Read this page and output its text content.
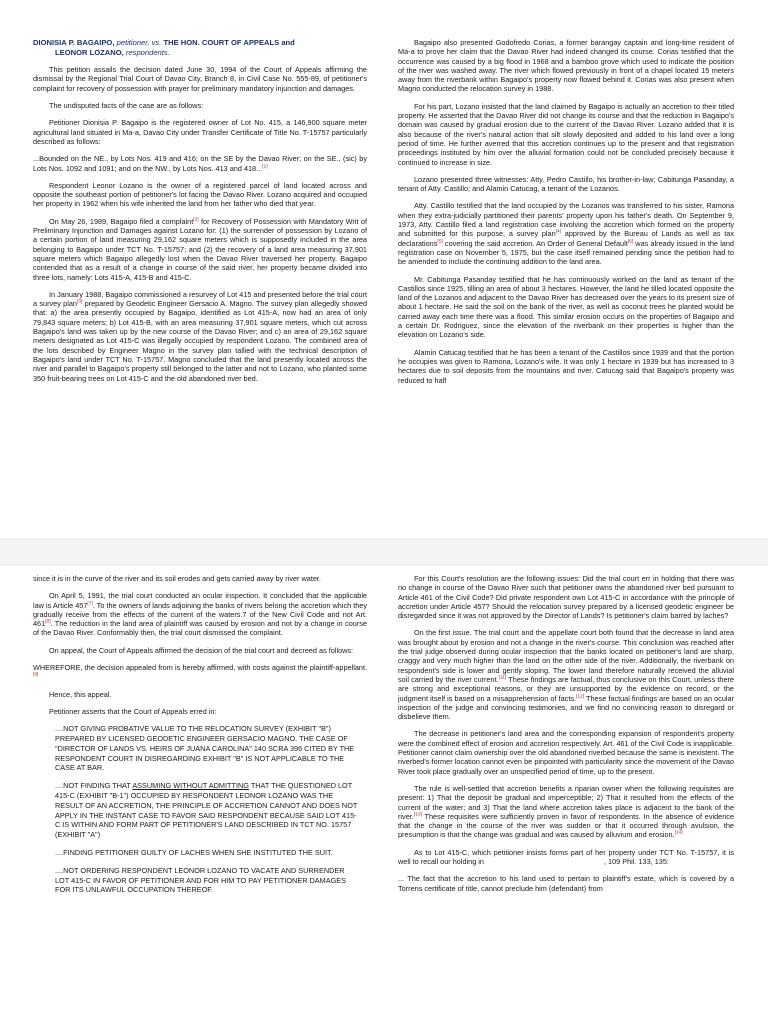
DIONISIA P. BAGAIPO, petitioner, vs. THE HON. COURT OF APPEALS and
LEONOR LOZANO, respondents.

This petition assails the decision dated June 30, 1994 of the Court of Appeals affirming the dismissal by the Regional Trial Court of Davao City, Branch 8, in Civil Case No. 555-89, of petitioner's complaint for recovery of possession with prayer for preliminary mandatory injunction and damages.

The undisputed facts of the case are as follows:

Petitioner Dionisia P. Bagaipo is the registered owner of Lot No. 415, a 146,900 square meter agricultural land situated in Ma-a, Davao City under Transfer Certificate of Title No. T-15757 particularly described as follows:

...Bounded on the NE., by Lots Nos. 419 and 416; on the SE by the Davao River; on the SE., (sic) by Lots Nos. 1092 and 1091; and on the NW., by Lots Nos. 413 and 418...[1]

Respondent Leonor Lozano is the owner of a registered parcel of land located across and opposite the southeast portion of petitioner's lot facing the Davao River. Lozano acquired and occupied her property in 1962 when his wife inherited the land from her father who died that year.

On May 26, 1989, Bagaipo filed a complaint[2] for Recovery of Possession with Mandatory Writ of Preliminary Injunction and Damages against Lozano for: (1) the surrender of possession by Lozano of a certain portion of land measuring 29,162 square meters which is supposedly included in the area belonging to Bagaipo under TCT No. T-15757; and (2) the recovery of a land area measuring 37,901 square meters which Bagaipo allegedly lost when the Davao River traversed her property. Bagaipo contended that as a result of a change in course of the said river, her property became divided into three lots, namely: Lots 415-A, 415-B and 415-C.

In January 1988, Bagaipo commissioned a resurvey of Lot 415 and presented before the trial court a survey plan[3] prepared by Geodetic Engineer Gersacio A. Magno. The survey plan allegedly showed that: a) the area presently occupied by Bagaipo, identified as Lot 415-A, now had an area of only 79,843 square meters; b) Lot 415-B, with an area measuring 37,901 square meters, which cut across Bagaipo's land was taken up by the new course of the Davao River; and c) an area of 29,162 square meters designated as Lot 415-C was illegally occupied by respondent Lozano. The combined area of the lots described by Engineer Magno in the survey plan tallied with the technical description of Bagaipo's land under TCT No. T-15757. Magno concluded that the land presently located across the river and parallel to Bagaipo's property still belonged to the latter and not to Lozano, who planted some 350 fruit-bearing trees on Lot 415-C and the old abandoned river bed.

Bagaipo also presented Godofredo Corias, a former barangay captain and long-time resident of Ma-a to prove her claim that the Davao River had indeed changed its course. Corias testified that the occurrence was caused by a big flood in 1968 and a bamboo grove which used to indicate the position of the river was washed away. The river which flowed previously in front of a chapel located 15 meters away from the riverbank within Bagaipo's property now flowed behind it. Corias was also present when Magno conducted the relocation survey in 1988.

For his part, Lozano insisted that the land claimed by Bagaipo is actually an accretion to their titled property. He asserted that the Davao River did not change its course and that the reduction in Bagaipo's domain was caused by gradual erosion due to the current of the Davao River. Lozano added that it is also because of the river's natural action that silt slowly deposited and added to his land over a long period of time. He further averred that this accretion continues up to the present and that registration proceedings instituted by him over the alluvial formation could not be concluded precisely because it continued to increase in size.

Lozano presented three witnesses: Atty. Pedro Castillo, his brother-in-law; Cabitunga Pasanday, a tenant of Atty. Castillo; and Alamin Catucag, a tenant of the Lozanos.

Atty. Castillo testified that the land occupied by the Lozanos was transferred to his sister, Ramona when they extra-judicially partitioned their parents' property upon his father's death. On September 9, 1973, Atty. Castillo filed a land registration case involving the accretion which formed on the property and submitted for this purpose, a survey plan[4] approved by the Bureau of Lands as well as tax declarations[5] covering the said accretion. An Order of General Default[6] was already issued in the land registration case on November 5, 1975, but the case itself remained pending since the petition had to be amended to include the continuing addition to the land area.

Mr. Cabitunga Pasanday testified that he has continuously worked on the land as tenant of the Castillos since 1925, tilling an area of about 3 hectares. However, the land he tilled located opposite the land of the Lozanos and adjacent to the Davao River has decreased over the years to its present size of about 1 hectare. He said the soil on the bank of the river, as well as coconut trees he planted would be carried away each time there was a flood. This similar erosion occurs on the properties of Bagaipo and a certain Dr. Rodriguez, since the elevation of the riverbank on their properties is higher than the elevation on Lozano's side.

Alamin Catucag testified that he has been a tenant of the Castillos since 1939 and that the portion he occupies was given to Ramona, Lozano's wife. It was only 1 hectare in 1939 but has increased to 3 hectares due to soil deposits from the mountains and river. Catucag said that Bagaipo's property was reduced to half

since it is in the curve of the river and its soil erodes and gets carried away by river water.

On April 5, 1991, the trial court conducted an ocular inspection. It concluded that the applicable law is Article 457[7]. To the owners of lands adjoining the banks of rivers belong the accretion which they gradually receive from the effects of the current of the waters.7 of the New Civil Code and not Art. 461[8]. The reduction in the land area of plaintiff was caused by erosion and not by a change in course of the Davao River. Conformably then, the trial court dismissed the complaint.

On appeal, the Court of Appeals affirmed the decision of the trial court and decreed as follows:

WHEREFORE, the decision appealed from is hereby affirmed, with costs against the plaintiff-appellant.[9]

Hence, this appeal.

Petitioner asserts that the Court of Appeals erred in:

....NOT GIVING PROBATIVE VALUE TO THE RELOCATION SURVEY (EXHIBIT "B") PREPARED BY LICENSED GEODETIC ENGINEER GERSACIO MAGNO. THE CASE OF "DIRECTOR OF LANDS VS. HEIRS OF JUANA CAROLINA" 140 SCRA 396 CITED BY THE RESPONDENT COURT IN DISREGARDING EXHIBIT "B" IS NOT APPLICABLE TO THE CASE AT BAR.

....NOT FINDING THAT ASSUMING WITHOUT ADMITTING THAT THE QUESTIONED LOT 415-C (EXHIBIT "B-1") OCCUPIED BY RESPONDENT LEONOR LOZANO WAS THE RESULT OF AN ACCRETION, THE PRINCIPLE OF ACCRETION CANNOT AND DOES NOT APPLY IN THE INSTANT CASE TO FAVOR SAID RESPONDENT BECAUSE SAID LOT 415-C IS WITHIN AND FORM PART OF PETITIONER'S LAND DESCRIBED IN TCT NO. 15757 (EXHIBIT "A")

....FINDING PETITIONER GUILTY OF LACHES WHEN SHE INSTITUTED THE SUIT.

....NOT ORDERING RESPONDENT LEONOR LOZANO TO VACATE AND SURRENDER LOT 415-C IN FAVOR OF PETITIONER AND FOR HIM TO PAY PETITIONER DAMAGES FOR ITS UNLAWFUL OCCUPATION THEREOF.

For this Court's resolution are the following issues: Did the trial court err in holding that there was no change in course of the Davao River such that petitioner owns the abandoned river bed pursuant to Article 461 of the Civil Code? Did private respondent own Lot 415-C in accordance with the principle of accretion under Article 457? Should the relocation survey prepared by a licensed geodetic engineer be disregarded since it was not approved by the Director of Lands? Is petitioner's claim barred by laches?

On the first issue. The trial court and the appellate court both found that the decrease in land area was brought about by erosion and not a change in the river's course. This conclusion was reached after the trial judge observed during ocular inspection that the banks located on petitioner's land are sharp, craggy and very much higher than the land on the other side of the river. Additionally, the riverbank on respondent's side is lower and gently sloping. The lower land therefore naturally received the alluvial soil carried by the river current.[11] These findings are factual, thus conclusive on this Court, unless there are strong and exceptional reasons, or they are unsupported by the evidence on record, or the judgment itself is based on a misapprehension of facts.[12] These factual findings are based on an ocular inspection of the judge and convincing testimonies, and we find no convincing reason to disregard or disbelieve them.

The decrease in petitioner's land area and the corresponding expansion of respondent's property were the combined effect of erosion and accretion respectively. Art. 461 of the Civil Code is inapplicable. Petitioner cannot claim ownership over the old abandoned riverbed because the same is inexistent. The riverbed's former location cannot even be pinpointed with particularity since the movement of the Davao River took place gradually over an unspecified period of time, up to the present.

The rule is well-settled that accretion benefits a riparian owner when the following requisites are present: 1) That the deposit be gradual and imperceptible; 2) That it resulted from the effects of the current of the water; and 3) That the land where accretion takes place is adjacent to the bank of the river.[13] These requisites were sufficiently proven in favor of respondents. In the absence of evidence that the change in the course of the river was sudden or that it occurred through avulsion, the presumption is that the change was gradual and was caused by alluvium and erosion.[14]

As to Lot 415-C, which petitioner insists forms part of her property under TCT No. T-15757, it is well to recall our holding in	, 109 Phil. 133, 135:

... The fact that the accretion to his land used to pertain to plaintiff's estate, which is covered by a Torrens certificate of title, cannot preclude him (defendant) from
